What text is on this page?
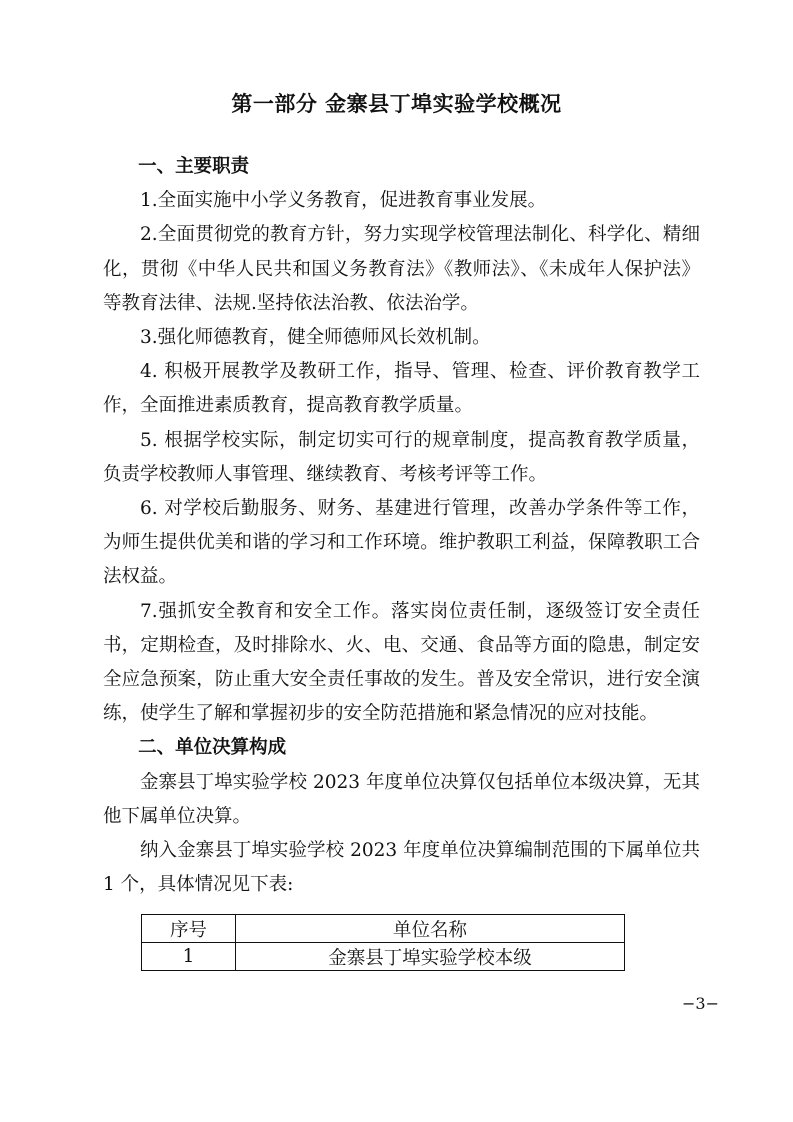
第一部分 金寨县丁埠实验学校概况
一、主要职责

1.全面实施中小学义务教育，促进教育事业发展。

2.全面贯彻党的教育方针，努力实现学校管理法制化、科学化、精细化，贯彻《中华人民共和国义务教育法》《教师法》、《未成年人保护法》等教育法律、法规.坚持依法治教、依法治学。

3.强化师德教育，健全师德师风长效机制。

4. 积极开展教学及教研工作，指导、管理、检查、评价教育教学工作，全面推进素质教育，提高教育教学质量。

5. 根据学校实际，制定切实可行的规章制度，提高教育教学质量，负责学校教师人事管理、继续教育、考核考评等工作。

6. 对学校后勤服务、财务、基建进行管理，改善办学条件等工作，为师生提供优美和谐的学习和工作环境。维护教职工利益，保障教职工合法权益。

7.强抓安全教育和安全工作。落实岗位责任制，逐级签订安全责任书，定期检查，及时排除水、火、电、交通、食品等方面的隐患，制定安全应急预案，防止重大安全责任事故的发生。普及安全常识，进行安全演练，使学生了解和掌握初步的安全防范措施和紧急情况的应对技能。

二、单位决算构成

金寨县丁埠实验学校 2023 年度单位决算仅包括单位本级决算，无其他下属单位决算。

纳入金寨县丁埠实验学校 2023 年度单位决算编制范围的下属单位共 1 个，具体情况见下表:

序号	单位名称
1	金寨县丁埠实验学校本级
−3−
